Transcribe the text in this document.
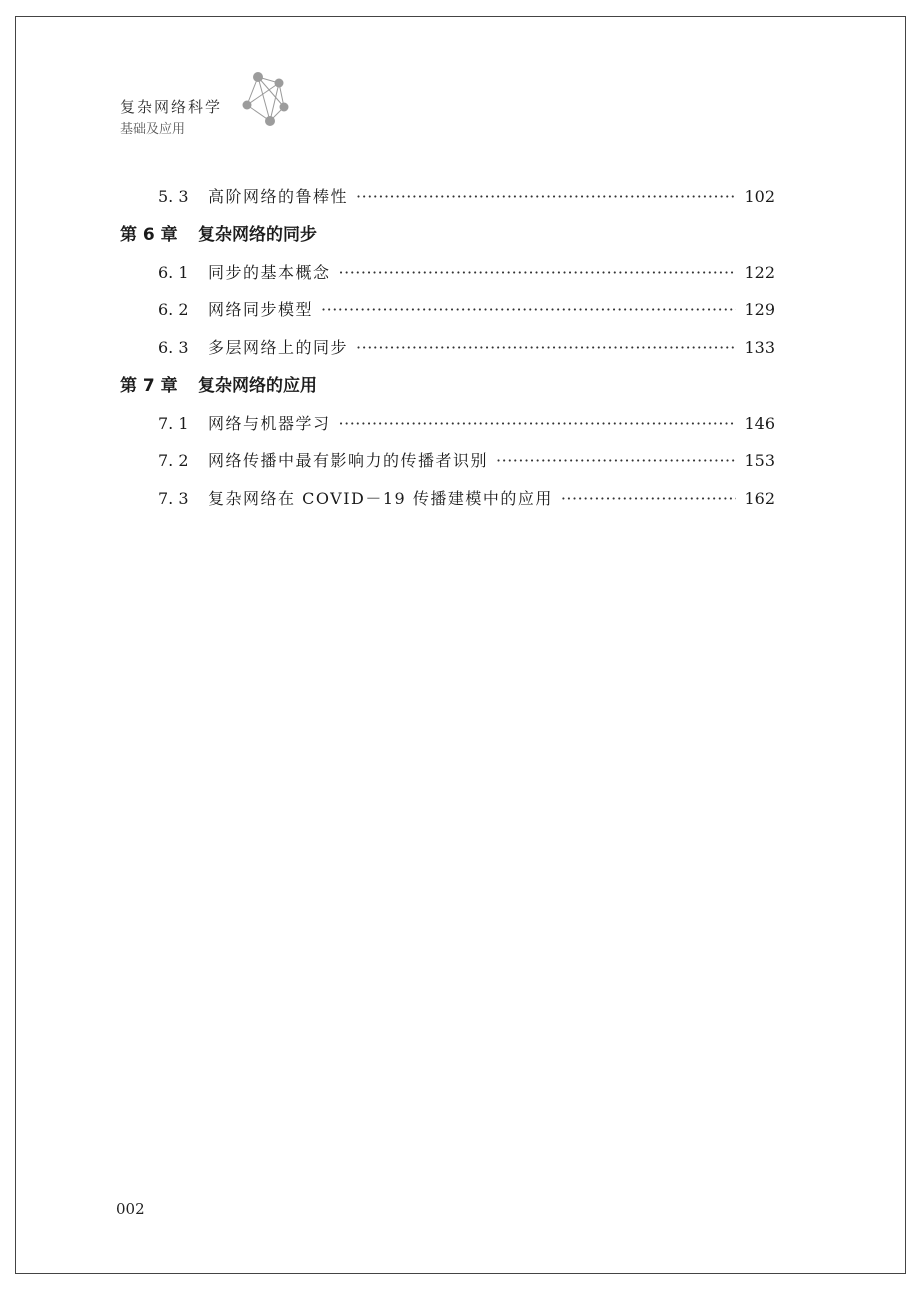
复杂网络科学
基础及应用
5. 3	高阶网络的鲁棒性 ·····	102
第 6 章 复杂网络的同步
6. 1	同步的基本概念 ·····	122
6. 2	网络同步模型 ·····	129
6. 3	多层网络上的同步 ·····	133
第 7 章 复杂网络的应用
7. 1	网络与机器学习 ·····	146
7. 2	网络传播中最有影响力的传播者识别 ·····	153
7. 3	复杂网络在 COVID－19 传播建模中的应用 ·····	162
002
